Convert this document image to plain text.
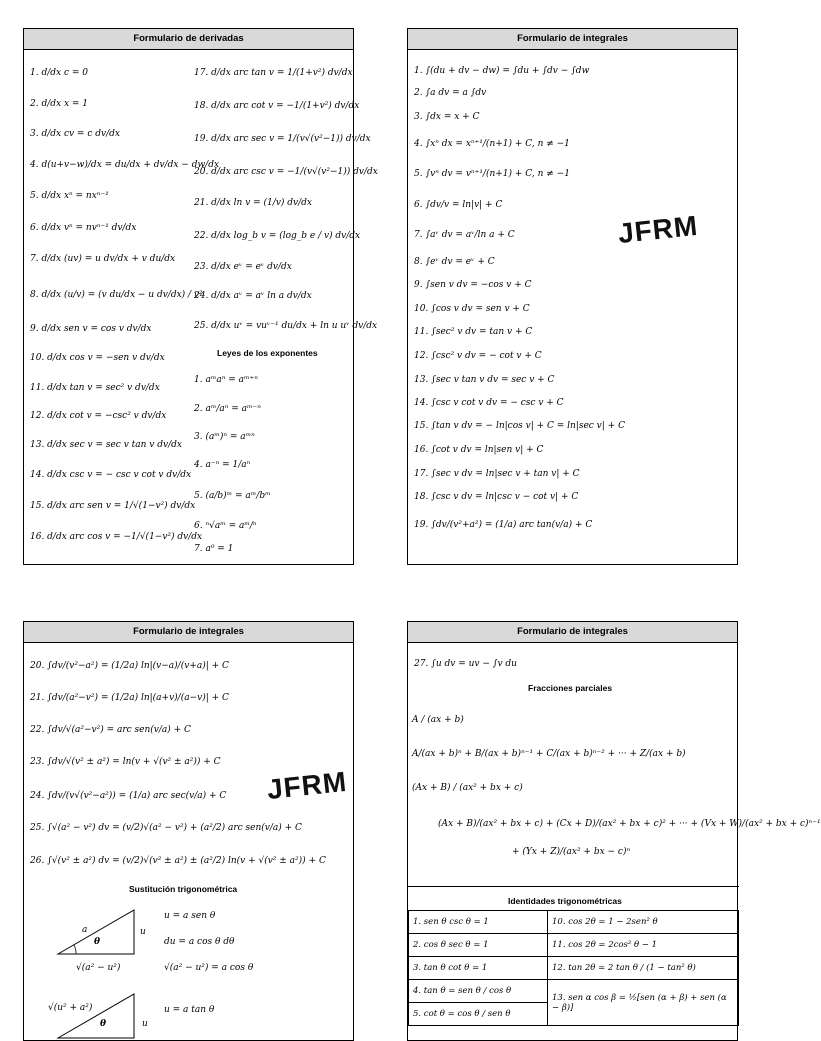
Formulario de derivadas
1. d/dx c = 0
2. d/dx x = 1
3. d/dx cv = c dv/dx
4. d(u+v−w)/dx = du/dx + dv/dx − dw/dx
5. d/dx xⁿ = nxⁿ⁻¹
6. d/dx vⁿ = nvⁿ⁻¹ dv/dx
7. d/dx (uv) = u dv/dx + v du/dx
8. d/dx (u/v) = (v du/dx − u dv/dx) / v²
9. d/dx sen v = cos v dv/dx
10. d/dx cos v = −sen v dv/dx
11. d/dx tan v = sec² v dv/dx
12. d/dx cot v = −csc² v dv/dx
13. d/dx sec v = sec v tan v dv/dx
14. d/dx csc v = − csc v cot v dv/dx
15. d/dx arc sen v = 1/√(1−v²) dv/dx
16. d/dx arc cos v = −1/√(1−v²) dv/dx
17. d/dx arc tan v = 1/(1+v²) dv/dx
18. d/dx arc cot v = −1/(1+v²) dv/dx
19. d/dx arc sec v = 1/(v√(v²−1)) dv/dx
20. d/dx arc csc v = −1/(v√(v²−1)) dv/dx
21. d/dx ln v = (1/v) dv/dx
22. d/dx log_b v = (log_b e / v) dv/dx
23. d/dx eᵛ = eᵛ dv/dx
24. d/dx aᵛ = aᵛ ln a dv/dx
25. d/dx uᵛ = vuᵛ⁻¹ du/dx + ln u uᵛ dv/dx
Leyes de los exponentes
1. aᵐaⁿ = aᵐ⁺ⁿ
2. aᵐ/aⁿ = aᵐ⁻ⁿ
3. (aᵐ)ⁿ = aᵐⁿ
4. a⁻ⁿ = 1/aⁿ
5. (a/b)ᵐ = aᵐ/bᵐ
6. ⁿ√aᵐ = aᵐ/ⁿ
7. a⁰ = 1
Formulario de integrales
1. ∫(du + dv − dw) = ∫du + ∫dv − ∫dw
2. ∫a dv = a ∫dv
3. ∫dx = x + C
4. ∫xⁿ dx = xⁿ⁺¹/(n+1) + C, n ≠ −1
5. ∫vⁿ dv = vⁿ⁺¹/(n+1) + C, n ≠ −1
6. ∫dv/v = ln|v| + C
7. ∫aᵛ dv = aᵛ/ln a + C
8. ∫eᵛ dv = eᵛ + C
9. ∫sen v dv = −cos v + C
10. ∫cos v dv = sen v + C
11. ∫sec² v dv = tan v + C
12. ∫csc² v dv = − cot v + C
13. ∫sec v tan v dv = sec v + C
14. ∫csc v cot v dv = − csc v + C
15. ∫tan v dv = − ln|cos v| + C = ln|sec v| + C
16. ∫cot v dv = ln|sen v| + C
17. ∫sec v dv = ln|sec v + tan v| + C
18. ∫csc v dv = ln|csc v − cot v| + C
19. ∫dv/(v²+a²) = (1/a) arc tan(v/a) + C
JFRM
Formulario de integrales
20. ∫dv/(v²−a²) = (1/2a) ln|(v−a)/(v+a)| + C
21. ∫dv/(a²−v²) = (1/2a) ln|(a+v)/(a−v)| + C
22. ∫dv/√(a²−v²) = arc sen(v/a) + C
23. ∫dv/√(v² ± a²) = ln(v + √(v² ± a²)) + C
24. ∫dv/(v√(v²−a²)) = (1/a) arc sec(v/a) + C
25. ∫√(a² − v²) dv = (v/2)√(a² − v²) + (a²/2) arc sen(v/a) + C
26. ∫√(v² ± a²) dv = (v/2)√(v² ± a²) ± (a²/2) ln(v + √(v² ± a²)) + C
JFRM
Sustitución trigonométrica
a
θ
u
√(a² − u²)
u = a sen θ
du = a cos θ dθ
√(a² − u²) = a cos θ
√(u² + a²)
θ	u
u = a tan θ
Formulario de integrales
27. ∫u dv = uv − ∫v du
Fracciones parciales
A / (ax + b)
A/(ax + b)ⁿ + B/(ax + b)ⁿ⁻¹ + C/(ax + b)ⁿ⁻² + ··· + Z/(ax + b)
(Ax + B) / (ax² + bx + c)
(Ax + B)/(ax² + bx + c) + (Cx + D)/(ax² + bx + c)² + ··· + (Vx + W)/(ax² + bx + c)ⁿ⁻¹
+ (Yx + Z)/(ax² + bx − c)ⁿ
Identidades trigonométricas
1. sen θ csc θ = 1	10. cos 2θ = 1 − 2sen² θ
2. cos θ sec θ = 1	11. cos 2θ = 2cos² θ − 1
3. tan θ cot θ = 1	12. tan 2θ = 2 tan θ / (1 − tan² θ)
4. tan θ = sen θ / cos θ	13. sen α cos β = ½[sen (α + β) + sen (α − β)]
5. cot θ = cos θ / sen θ	
